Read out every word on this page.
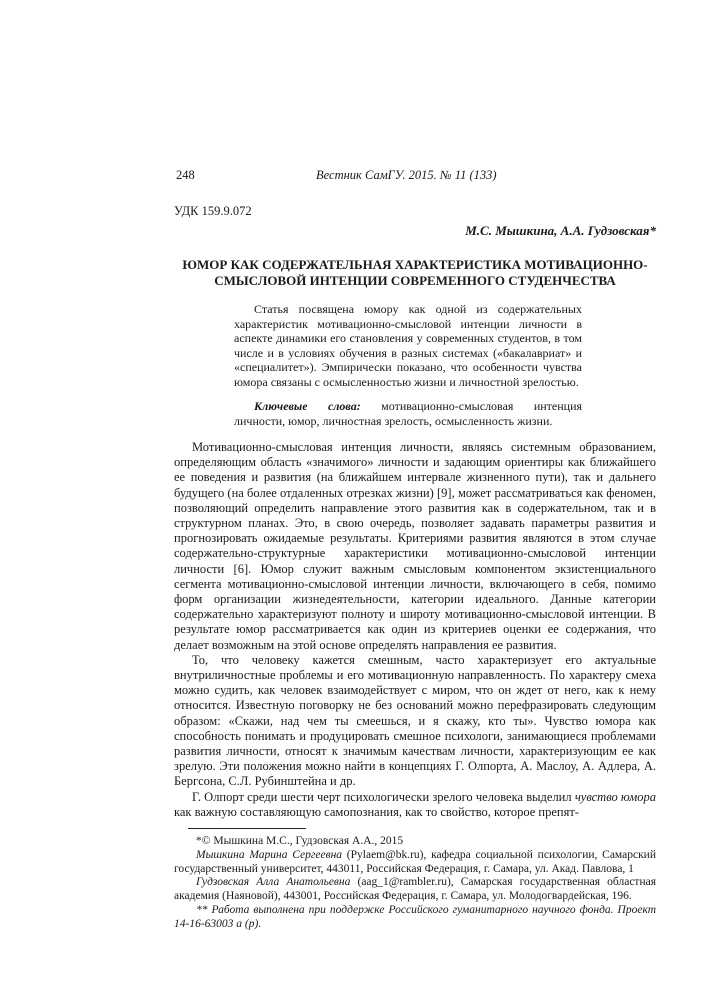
248	Вестник СамГУ. 2015. № 11 (133)
УДК 159.9.072
М.С. Мышкина, А.А. Гудзовская*
ЮМОР КАК СОДЕРЖАТЕЛЬНАЯ ХАРАКТЕРИСТИКА МОТИВАЦИОННО-СМЫСЛОВОЙ ИНТЕНЦИИ СОВРЕМЕННОГО СТУДЕНЧЕСТВА
Статья посвящена юмору как одной из содержательных характеристик мотивационно-смысловой интенции личности в аспекте динамики его становления у современных студентов, в том числе и в условиях обучения в разных системах («бакалавриат» и «специалитет»). Эмпирически показано, что особенности чувства юмора связаны с осмысленностью жизни и личностной зрелостью.
Ключевые слова: мотивационно-смысловая интенция личности, юмор, личностная зрелость, осмысленность жизни.

Мотивационно-смысловая интенция личности, являясь системным образованием, определяющим область «значимого» личности и задающим ориентиры как ближайшего ее поведения и развития (на ближайшем интервале жизненного пути), так и дальнего будущего (на более отдаленных отрезках жизни) [9], может рассматриваться как феномен, позволяющий определить направление этого развития как в содержательном, так и в структурном планах. Это, в свою очередь, позволяет задавать параметры развития и прогнозировать ожидаемые результаты. Критериями развития являются в этом случае содержательно-структурные характеристики мотивационно-смысловой интенции личности [6]. Юмор служит важным смысловым компонентом экзистенциального сегмента мотивационно-смысловой интенции личности, включающего в себя, помимо форм организации жизнедеятельности, категории идеального. Данные категории содержательно характеризуют полноту и широту мотивационно-смысловой интенции. В результате юмор рассматривается как один из критериев оценки ее содержания, что делает возможным на этой основе определять направления ее развития.

То, что человеку кажется смешным, часто характеризует его актуальные внутриличностные проблемы и его мотивационную направленность. По характеру смеха можно судить, как человек взаимодействует с миром, что он ждет от него, как к нему относится. Известную поговорку не без оснований можно перефразировать следующим образом: «Скажи, над чем ты смеешься, и я скажу, кто ты». Чувство юмора как способность понимать и продуцировать смешное психологи, занимающиеся проблемами развития личности, относят к значимым качествам личности, характеризующим ее как зрелую. Эти положения можно найти в концепциях Г. Олпорта, А. Маслоу, А. Адлера, А. Бергсона, С.Л. Рубинштейна и др.

Г. Олпорт среди шести черт психологически зрелого человека выделил чувство юмора как важную составляющую самопознания, как то свойство, которое препят-

*© Мышкина М.С., Гудзовская А.А., 2015

Мышкина Марина Сергеевна (Pylaem@bk.ru), кафедра социальной психологии, Самарский государственный университет, 443011, Российская Федерация, г. Самара, ул. Акад. Павлова, 1

Гудзовская Алла Анатольевна (aag_1@rambler.ru), Самарская государственная областная академия (Наяновой), 443001, Российская Федерация, г. Самара, ул. Молодогвардейская, 196.

** Работа выполнена при поддержке Российского гуманитарного научного фонда. Проект 14-16-63003 а (р).
